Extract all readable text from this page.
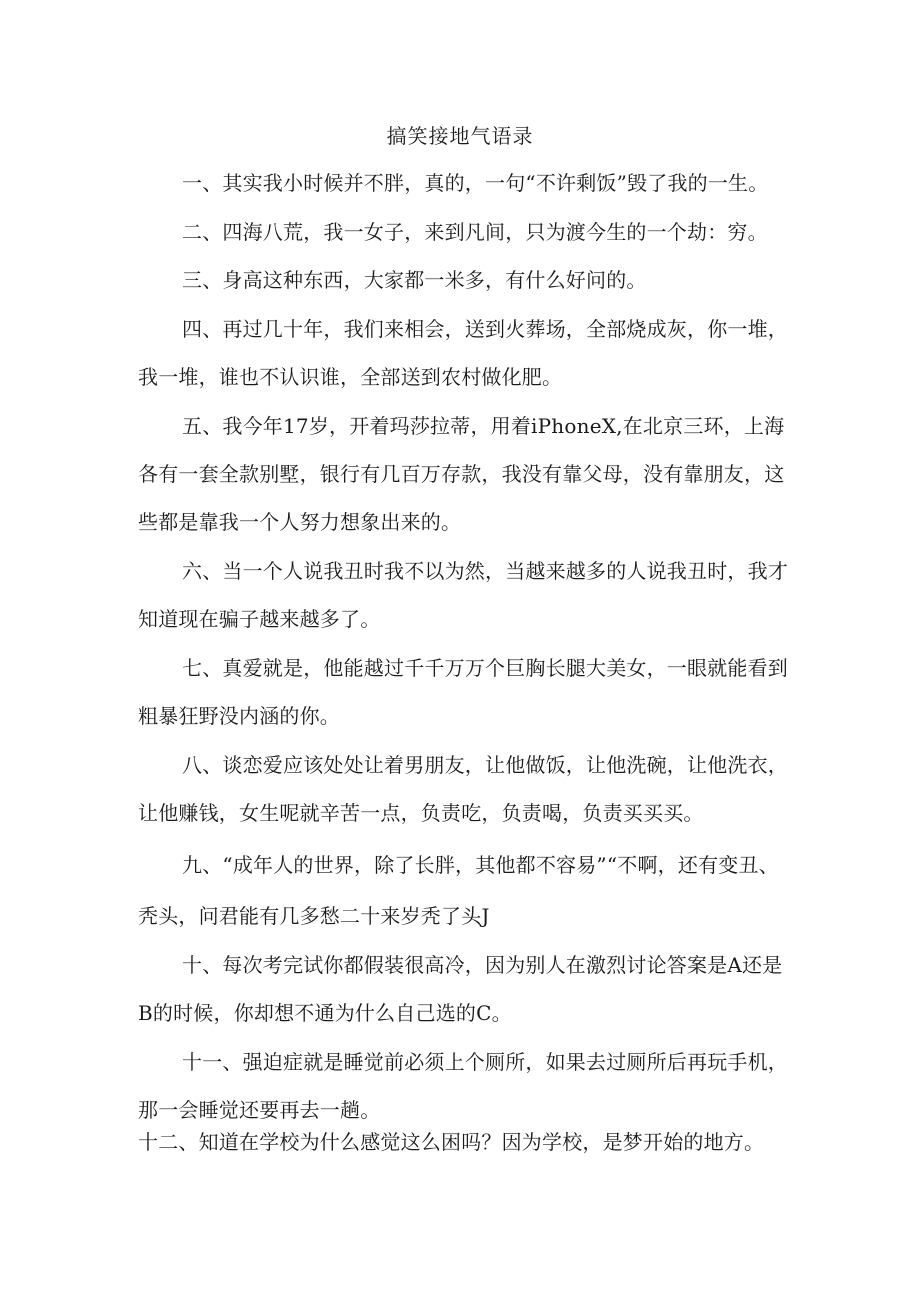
搞笑接地气语录
一、其实我小时候并不胖，真的，一句“不许剩饭”毁了我的一生。
二、四海八荒，我一女子，来到凡间，只为渡今生的一个劫：穷。
三、身高这种东西，大家都一米多，有什么好问的。
四、再过几十年，我们来相会，送到火葬场，全部烧成灰，你一堆，
我一堆，谁也不认识谁，全部送到农村做化肥。
五、我今年17岁，开着玛莎拉蒂，用着iPhoneX,在北京三环，上海
各有一套全款别墅，银行有几百万存款，我没有靠父母，没有靠朋友，这
些都是靠我一个人努力想象出来的。
六、当一个人说我丑时我不以为然，当越来越多的人说我丑时，我才
知道现在骗子越来越多了。
七、真爱就是，他能越过千千万万个巨胸长腿大美女，一眼就能看到
粗暴狂野没内涵的你。
八、谈恋爱应该处处让着男朋友，让他做饭，让他洗碗，让他洗衣，
让他赚钱，女生呢就辛苦一点，负责吃，负责喝，负责买买买。
九、“成年人的世界，除了长胖，其他都不容易”“不啊，还有变丑、
秃头，问君能有几多愁二十来岁秃了头J
十、每次考完试你都假装很高冷，因为别人在激烈讨论答案是A还是
B的时候，你却想不通为什么自己选的C。
十一、强迫症就是睡觉前必须上个厕所，如果去过厕所后再玩手机，
那一会睡觉还要再去一趟。
十二、知道在学校为什么感觉这么困吗？因为学校，是梦开始的地方。
